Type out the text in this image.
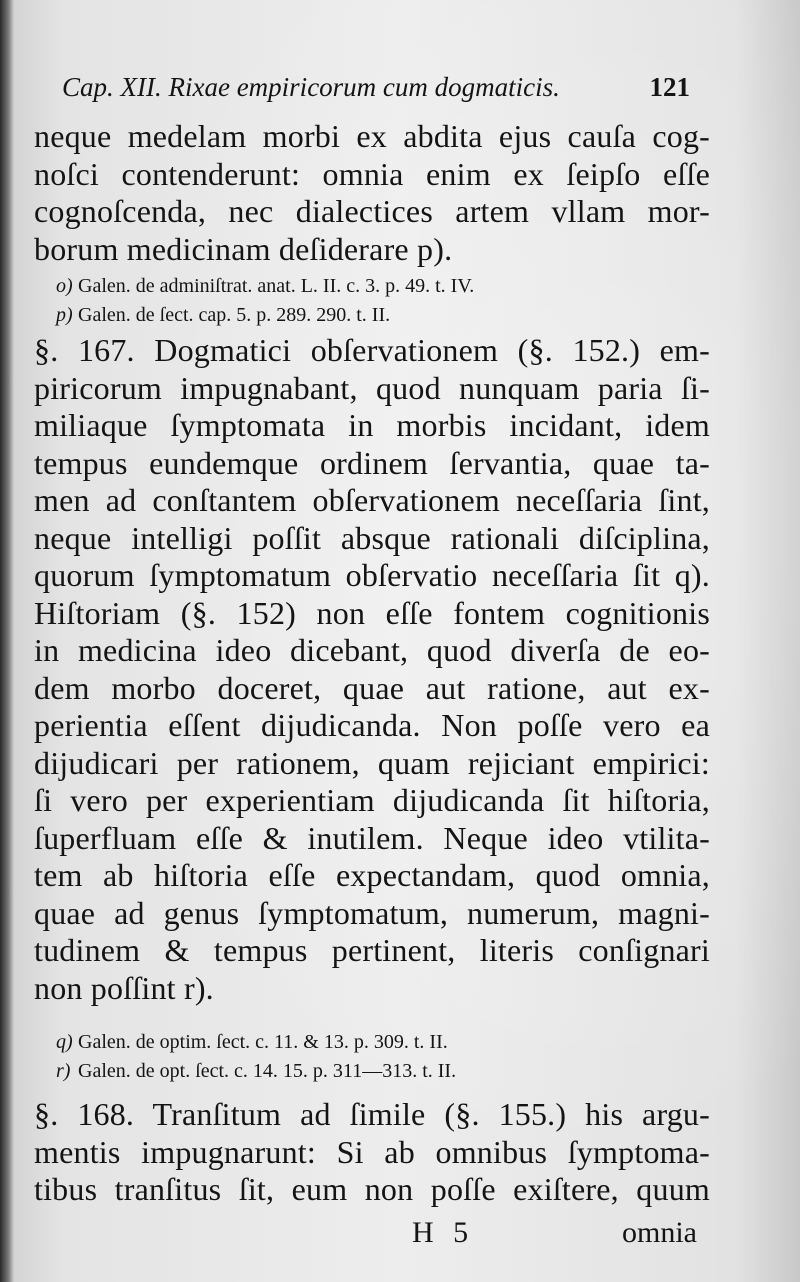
Cap. XII. Rixae empiricorum cum dogmaticis.	121
neque medelam morbi ex abdita ejus cauſa cog-
noſci contenderunt: omnia enim ex ſeipſo eſſe
cognoſcenda, nec dialectices artem vllam mor-
borum medicinam deſiderare p).
o) Galen. de adminiſtrat. anat. L. II. c. 3. p. 49. t. IV.
p) Galen. de ſect. cap. 5. p. 289. 290. t. II.
§. 167. Dogmatici obſervationem (§. 152.) em-
piricorum impugnabant, quod nunquam paria ſi-
miliaque ſymptomata in morbis incidant, idem
tempus eundemque ordinem ſervantia, quae ta-
men ad conſtantem obſervationem neceſſaria ſint,
neque intelligi poſſit absque rationali diſciplina,
quorum ſymptomatum obſervatio neceſſaria ſit q).
Hiſtoriam (§. 152) non eſſe fontem cognitionis
in medicina ideo dicebant, quod diverſa de eo-
dem morbo doceret, quae aut ratione, aut ex-
perientia eſſent dijudicanda. Non poſſe vero ea
dijudicari per rationem, quam rejiciant empirici:
ſi vero per experientiam dijudicanda ſit hiſtoria,
ſuperfluam eſſe & inutilem. Neque ideo vtilita-
tem ab hiſtoria eſſe expectandam, quod omnia,
quae ad genus ſymptomatum, numerum, magni-
tudinem & tempus pertinent, literis conſignari
non poſſint r).
q) Galen. de optim. ſect. c. 11. & 13. p. 309. t. II.
r) Galen. de opt. ſect. c. 14. 15. p. 311—313. t. II.
§. 168. Tranſitum ad ſimile (§. 155.) his argu-
mentis impugnarunt: Si ab omnibus ſymptoma-
tibus tranſitus ſit, eum non poſſe exiſtere, quum
H 5	omnia
